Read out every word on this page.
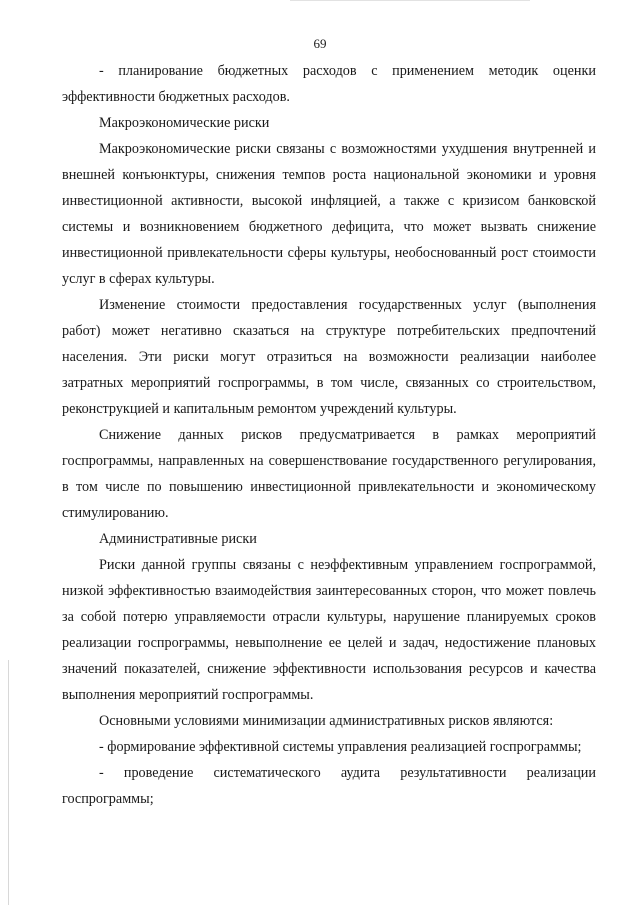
69

- планирование бюджетных расходов с применением методик оценки эффективности бюджетных расходов.

Макроэкономические риски

Макроэкономические риски связаны с возможностями ухудшения внутренней и внешней конъюнктуры, снижения темпов роста национальной экономики и уровня инвестиционной активности, высокой инфляцией, а также с кризисом банковской системы и возникновением бюджетного дефицита, что может вызвать снижение инвестиционной привлекательности сферы культуры, необоснованный рост стоимости услуг в сферах культуры.

Изменение стоимости предоставления государственных услуг (выполнения работ) может негативно сказаться на структуре потребительских предпочтений населения. Эти риски могут отразиться на возможности реализации наиболее затратных мероприятий госпрограммы, в том числе, связанных со строительством, реконструкцией и капитальным ремонтом учреждений культуры.

Снижение данных рисков предусматривается в рамках мероприятий госпрограммы, направленных на совершенствование государственного регулирования, в том числе по повышению инвестиционной привлекательности и экономическому стимулированию.

Административные риски

Риски данной группы связаны с неэффективным управлением госпрограммой, низкой эффективностью взаимодействия заинтересованных сторон, что может повлечь за собой потерю управляемости отрасли культуры, нарушение планируемых сроков реализации госпрограммы, невыполнение ее целей и задач, недостижение плановых значений показателей, снижение эффективности использования ресурсов и качества выполнения мероприятий госпрограммы.

Основными условиями минимизации административных рисков являются:

- формирование эффективной системы управления реализацией госпрограммы;

- проведение систематического аудита результативности реализации госпрограммы;
